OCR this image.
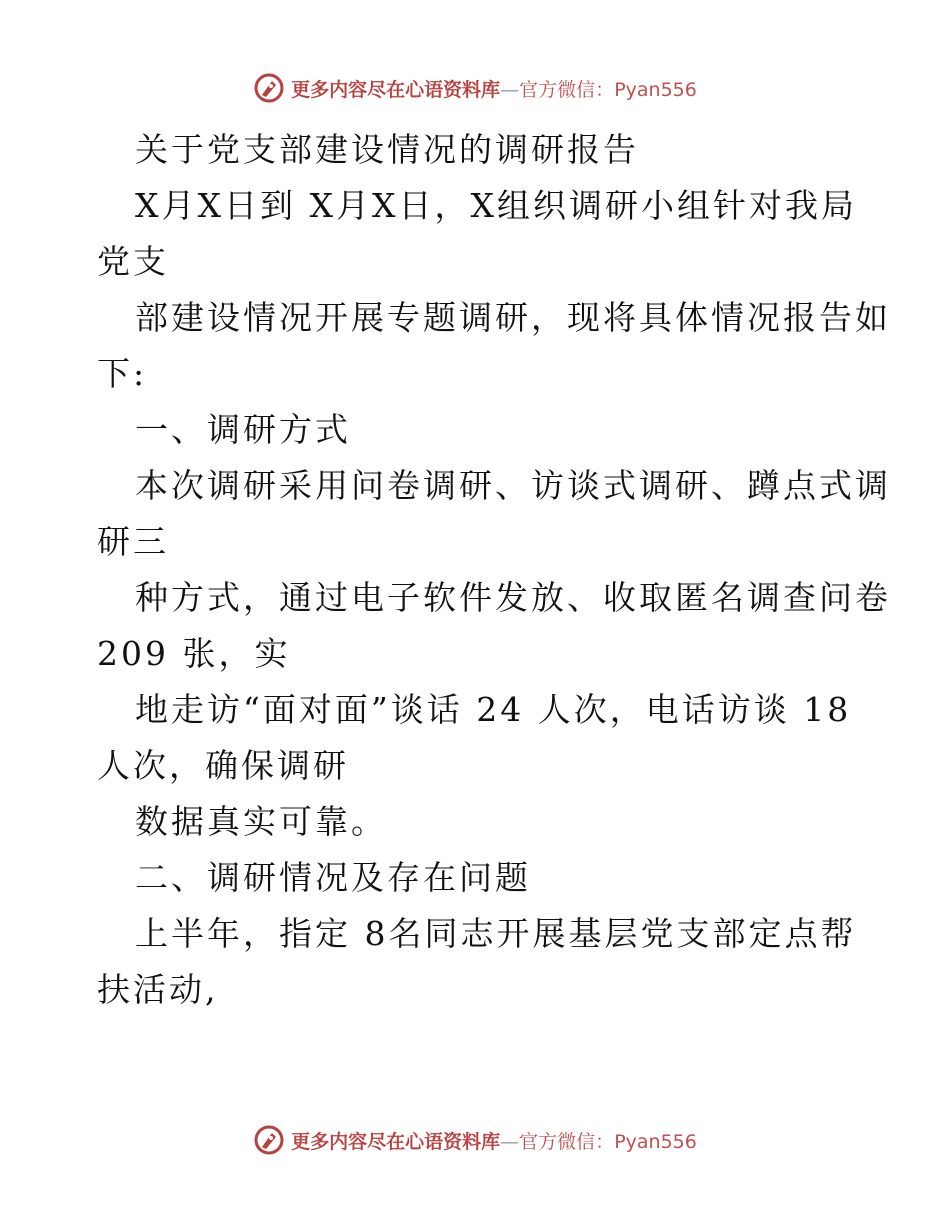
更多内容尽在心语资料库—官方微信：Pyan556
关于党支部建设情况的调研报告
X月X日到 X月X日，X组织调研小组针对我局
党支
部建设情况开展专题调研，现将具体情况报告如
下:
一、调研方式
本次调研采用问卷调研、访谈式调研、蹲点式调
研三
种方式，通过电子软件发放、收取匿名调查问卷
209 张，实
地走访“面对面”谈话 24 人次，电话访谈 18
人次，确保调研
数据真实可靠。
二、调研情况及存在问题
上半年，指定 8名同志开展基层党支部定点帮
扶活动,
更多内容尽在心语资料库—官方微信：Pyan556
